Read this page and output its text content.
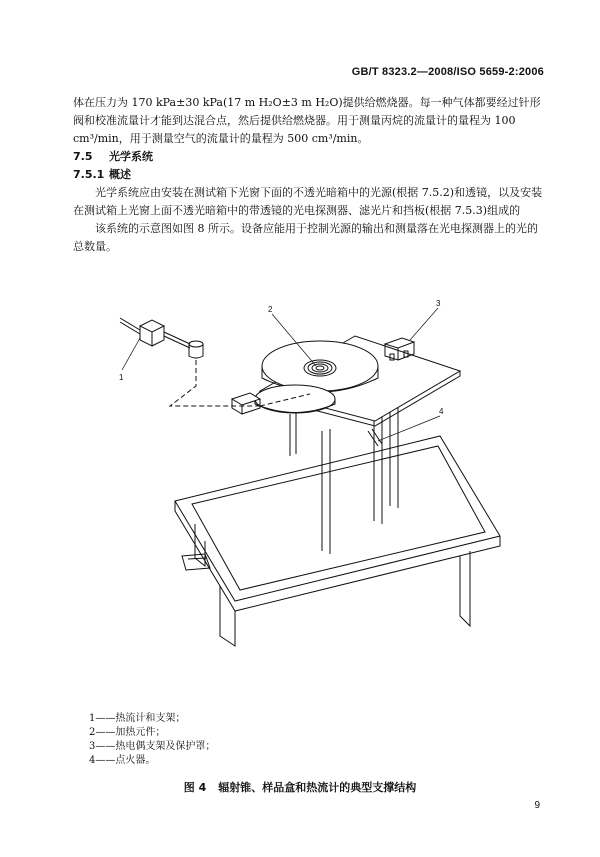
GB/T 8323.2—2008/ISO 5659-2:2006

体在压力为 170 kPa±30 kPa(17 m H₂O±3 m H₂O)提供给燃烧器。每一种气体都要经过针形阀和校准流量计才能到达混合点，然后提供给燃烧器。用于测量丙烷的流量计的量程为 100 cm³/min，用于测量空气的流量计的量程为 500 cm³/min。

7.5 光学系统

7.5.1 概述

光学系统应由安装在测试箱下光窗下面的不透光暗箱中的光源(根据 7.5.2)和透镜，以及安装在测试箱上光窗上面不透光暗箱中的带透镜的光电探测器、滤光片和挡板(根据 7.5.3)组成的

该系统的示意图如图 8 所示。设备应能用于控制光源的输出和测量落在光电探测器上的光的总数量。

1
2
3
4
1——热流计和支架；
2——加热元件；
3——热电偶支架及保护罩；
4——点火器。
图 4 辐射锥、样品盒和热流计的典型支撑结构
9
